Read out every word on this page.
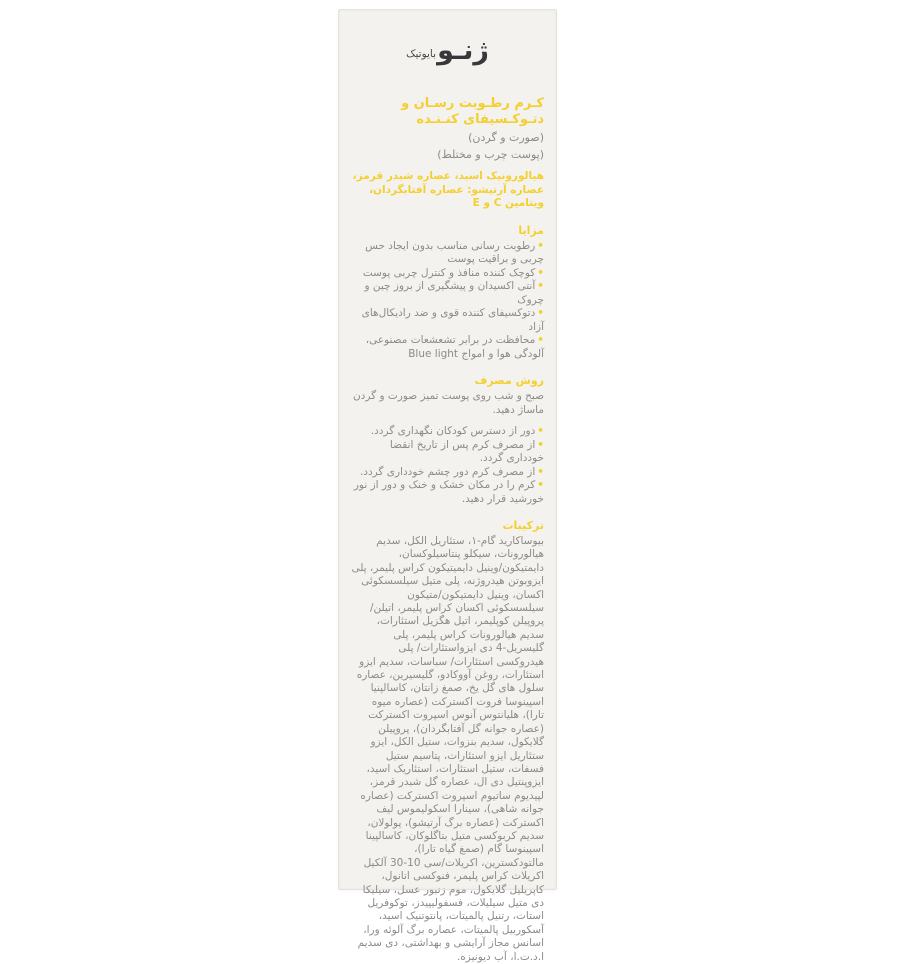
ژنـو
بایوتیک
کـرم رطـوبت رسـان و
دتـوکـسیفای کنـنـده
(صورت و گردن)
(پوست چرب و مختلط)
هیالورونیک اسید، عصاره شبدر قرمز، عصاره آرتیشو: عصاره آفتابگردان، ویتامین C و E
مزایا
•رطوبت رسانی مناسب بدون ایجاد حس چربی و براقیت پوست
•کوچک کننده منافذ و کنترل چربی پوست
•آنتی اکسیدان و پیشگیری از بروز چین و چروک
•دتوکسیفای کننده قوی و ضد رادیکال‌های آزاد
•محافظت در برابر تشعشعات مصنوعی، آلودگی هوا و امواج Blue light
روش مصرف
صبح و شب روی پوست تمیز صورت و گردن ماساژ دهید.
•دور از دسترس کودکان نگهداری گردد.
•از مصرف کرم پس از تاریخ انقضا خودداری گردد.
•از مصرف کرم دور چشم خودداری گردد.
•کرم را در مکان خشک و خنک و دور از نور خورشید قرار دهید.
ترکیبات
بیوساکارید گام-۱، ستئاریل الکل، سدیم هیالورونات، سیکلو پنتاسیلوکسان، دایمتیکون/وینیل دایمیتیکون کراس پلیمر، پلی ایزوبوتن هیدروژنه، پلی متیل سیلسسکوئی اکسان، وینیل دایمتیکون/متیکون سیلسسکوئی اکسان کراس پلیمر، اتیلن/پروپیلن کوپلیمر، اتیل هگزیل استئارات، سدیم هیالورونات کراس پلیمر، پلی گلیسریل-4 دی ایزواستئارات/ پلی هیدروکسی استئارات/ سباسات، سدیم ایزو استئارات، روغن آووکادو، گلیسیرین، عصاره سلول های گل یخ، صمغ زانتان، کاسالپنیا اسپینوسا فروت اکسترکت (عصاره میوه تارا)، هلیانتوس آنوس اسپروت اکسترکت (عصاره جوانه گل آفتابگردان)، پروپیلن گلایکول، سدیم بنزوات، ستیل الکل، ایزو ستئاریل ایزو استئارات، پتاسیم ستیل فسفات، ستیل استئارات، استئاریک اسید، ایزوپنتیل دی ال، عصاره گل شبدر قرمز، لپیدیوم ساتیوم اسپروت اکسترکت (عصاره جوانه شاهی)، سینارا اسکولیموس لیف اکسترکت (عصاره برگ آرتیشو)، پولولان، سدیم کربوکسی متیل بتاگلوکان، کاسالپینا اسپینوسا گام (صمغ گیاه تارا)، مالتودکسترین، اکریلات/سی 10-30 آلکیل اکریلات کراس پلیمر، فنوکسی اتانول، کاپریلیل گلایکول، موم زنبور عسل، سیلیکا دی متیل سیلیلات، فسفولیپیدز، توکوفریل استات، رتنیل پالمیتات، پانتوتنیک اسید، آسکوربیل پالمیتات، عصاره برگ آلوئه ورا، اسانس مجاز آرایشی و بهداشتی، دی سدیم ا.د.ت.ا، آب دیونیزه.
